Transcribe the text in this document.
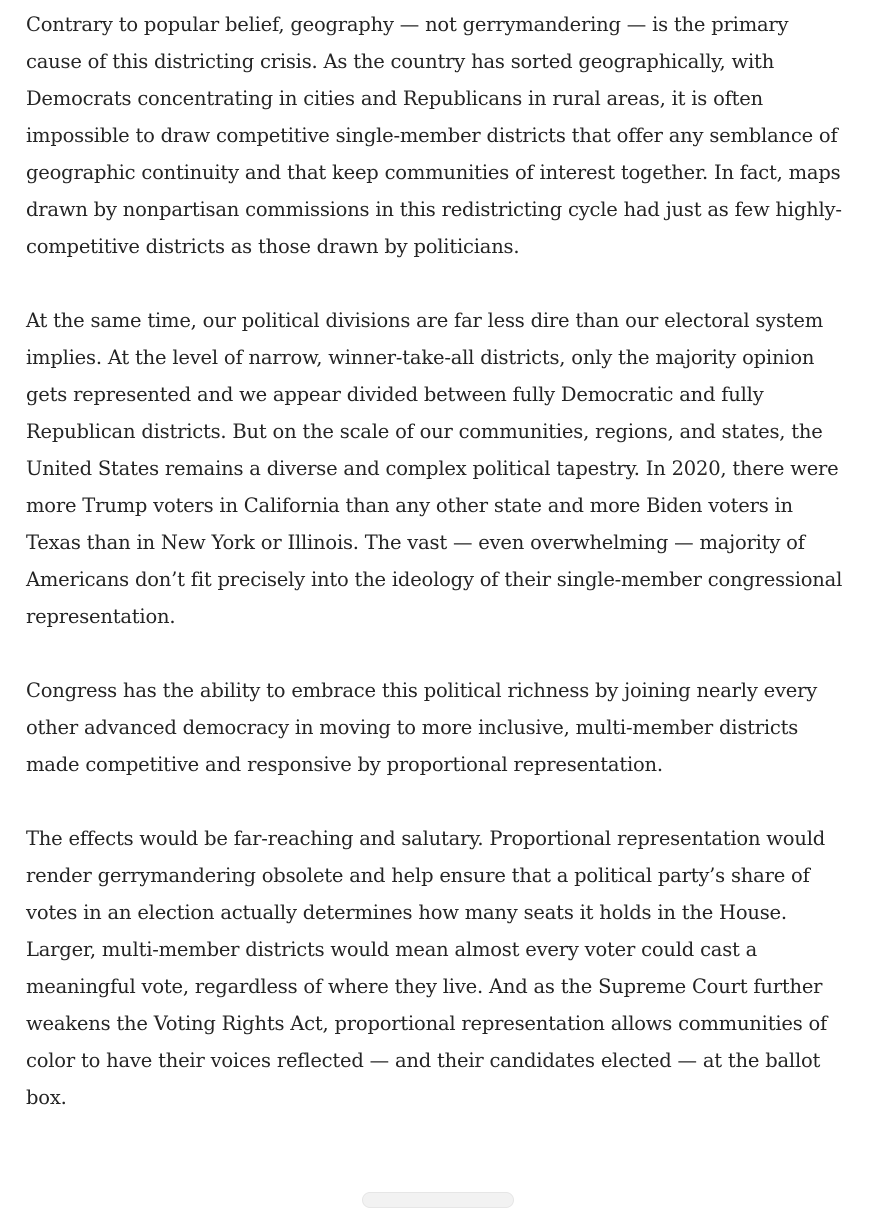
Contrary to popular belief, geography — not gerrymandering — is the primary cause of this districting crisis. As the country has sorted geographically, with Democrats concentrating in cities and Republicans in rural areas, it is often impossible to draw competitive single-member districts that offer any semblance of geographic continuity and that keep communities of interest together. In fact, maps drawn by nonpartisan commissions in this redistricting cycle had just as few highly-competitive districts as those drawn by politicians.

At the same time, our political divisions are far less dire than our electoral system implies. At the level of narrow, winner-take-all districts, only the majority opinion gets represented and we appear divided between fully Democratic and fully Republican districts. But on the scale of our communities, regions, and states, the United States remains a diverse and complex political tapestry. In 2020, there were more Trump voters in California than any other state and more Biden voters in Texas than in New York or Illinois. The vast — even overwhelming — majority of Americans don’t fit precisely into the ideology of their single-member congressional representation.

Congress has the ability to embrace this political richness by joining nearly every other advanced democracy in moving to more inclusive, multi-member districts made competitive and responsive by proportional representation.

The effects would be far-reaching and salutary. Proportional representation would render gerrymandering obsolete and help ensure that a political party’s share of votes in an election actually determines how many seats it holds in the House. Larger, multi-member districts would mean almost every voter could cast a meaningful vote, regardless of where they live. And as the Supreme Court further weakens the Voting Rights Act, proportional representation allows communities of color to have their voices reflected — and their candidates elected — at the ballot box.
